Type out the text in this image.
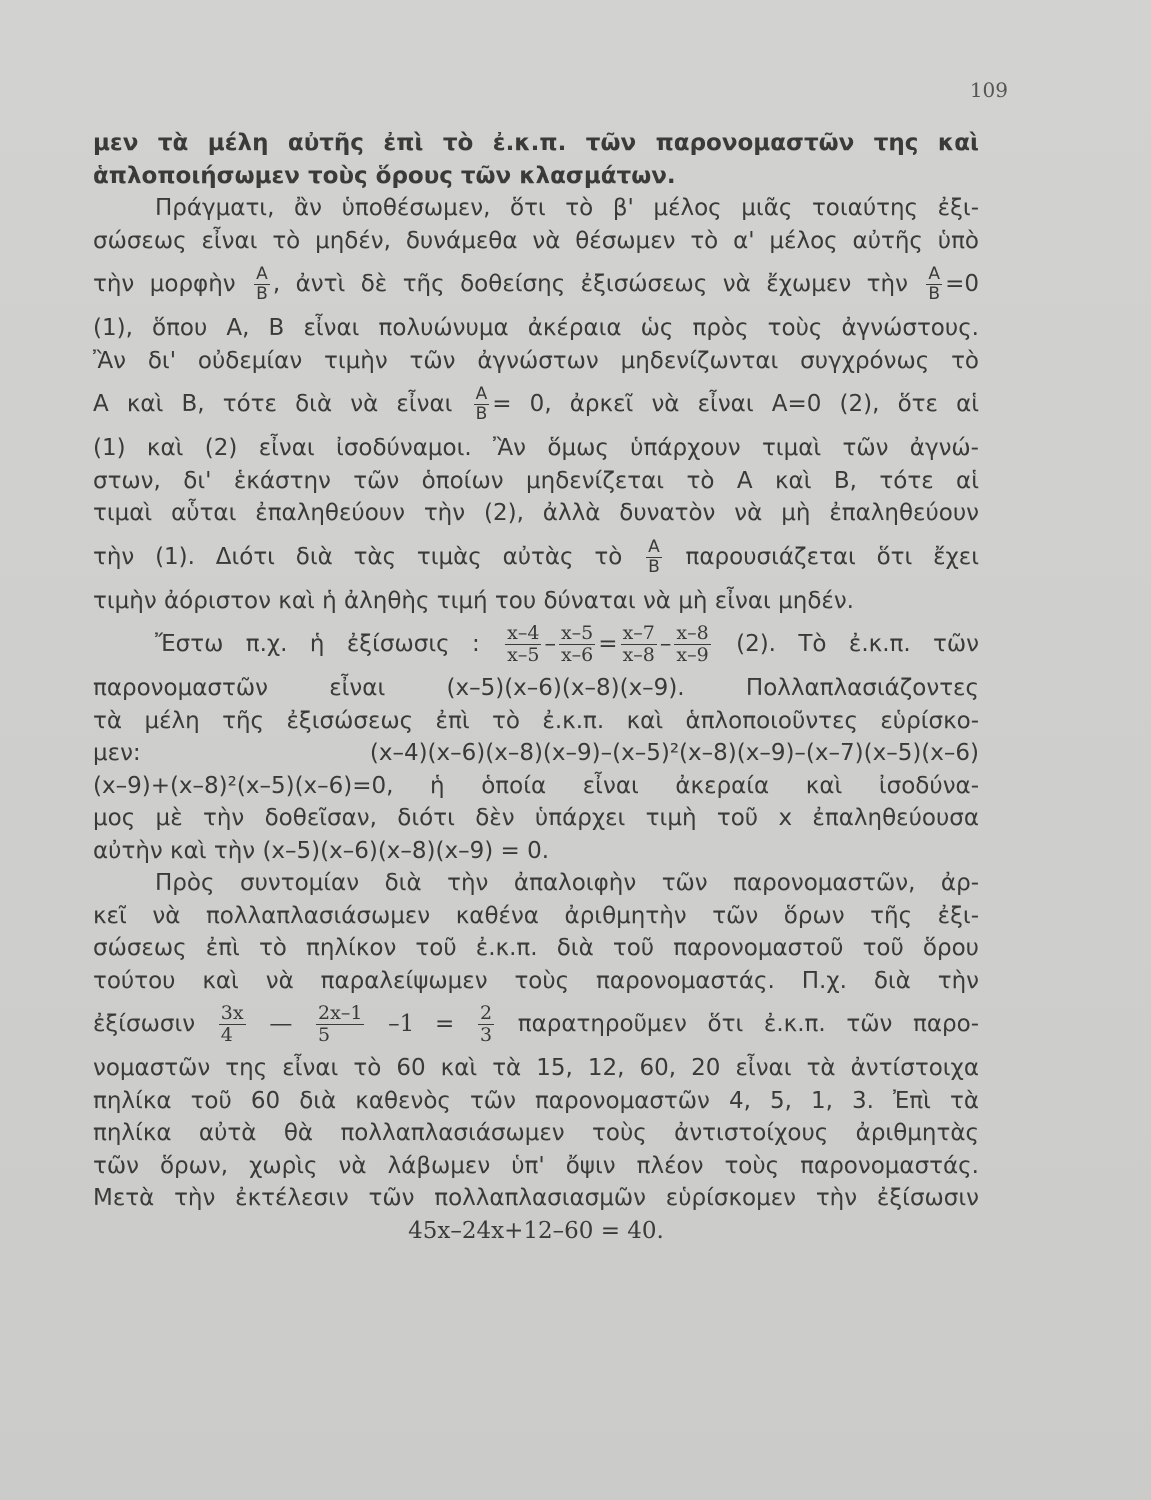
109
μεν τὰ μέλη αὐτῆς ἐπὶ τὸ ἐ.κ.π. τῶν παρονομαστῶν της καὶ
ἁπλοποιήσωμεν τοὺς ὅρους τῶν κλασμάτων.
Πράγματι, ἂν ὑποθέσωμεν, ὅτι τὸ β' μέλος μιᾶς τοιαύτης ἐξι-
σώσεως εἶναι τὸ μηδέν, δυνάμεθα νὰ θέσωμεν τὸ α' μέλος αὐτῆς ὑπὸ
τὴν μορφὴν $\frac{A}{B}$ , ἀντὶ δὲ τῆς δοθείσης ἐξισώσεως νὰ ἔχωμεν τὴν $\frac{A}{B} =0$
(1), ὅπου Α, Β εἶναι πολυώνυμα ἀκέραια ὡς πρὸς τοὺς ἀγνώστους.
Ἂν δι' οὐδεμίαν τιμὴν τῶν ἀγνώστων μηδενίζωνται συγχρόνως τὸ
Α καὶ Β, τότε διὰ νὰ εἶναι $\frac{A}{B} = 0$, ἀρκεῖ νὰ εἶναι Α=0 (2), ὅτε αἱ
(1) καὶ (2) εἶναι ἰσοδύναμοι. Ἂν ὅμως ὑπάρχουν τιμαὶ τῶν ἀγνώ-
στων, δι' ἑκάστην τῶν ὁποίων μηδενίζεται τὸ Α καὶ Β, τότε αἱ
τιμαὶ αὗται ἐπαληθεύουν τὴν (2), ἀλλὰ δυνατὸν νὰ μὴ ἐπαληθεύουν
τὴν (1). Διότι διὰ τὰς τιμὰς αὐτὰς τὸ $\frac{A}{B}$ παρουσιάζεται ὅτι ἔχει
τιμὴν ἀόριστον καὶ ἡ ἀληθὴς τιμή του δύναται νὰ μὴ εἶναι μηδέν.
Ἔστω π.χ. ἡ ἐξίσωσις : $\frac{x-4}{x-5} - \frac{x-5}{x-6} = \frac{x-7}{x-8} - \frac{x-8}{x-9} (2)$. Τὸ ἐ.κ.π. τῶν
παρονομαστῶν εἶναι (x–5)(x–6)(x–8)(x–9). Πολλαπλασιάζοντες
τὰ μέλη τῆς ἐξισώσεως ἐπὶ τὸ ἐ.κ.π. καὶ ἁπλοποιοῦντες εὑρίσκο-
μεν: (x–4)(x–6)(x–8)(x–9)–(x–5)²(x–8)(x–9)–(x–7)(x–5)(x–6)
(x–9)+(x–8)²(x–5)(x–6)=0, ἡ ὁποία εἶναι ἀκεραία καὶ ἰσοδύνα-
μος μὲ τὴν δοθεῖσαν, διότι δὲν ὑπάρχει τιμὴ τοῦ x ἐπαληθεύουσα
αὐτὴν καὶ τὴν (x–5)(x–6)(x–8)(x–9) = 0.
Πρὸς συντομίαν διὰ τὴν ἀπαλοιφὴν τῶν παρονομαστῶν, ἀρ-
κεῖ νὰ πολλαπλασιάσωμεν καθένα ἀριθμητὴν τῶν ὅρων τῆς ἐξι-
σώσεως ἐπὶ τὸ πηλίκον τοῦ ἐ.κ.π. διὰ τοῦ παρονομαστοῦ τοῦ ὅρου
τούτου καὶ νὰ παραλείψωμεν τοὺς παρονομαστάς. Π.χ. διὰ τὴν
ἐξίσωσιν $\frac{3x}{4}$ — $\frac{2x-1}{5} -1 = \frac{2}{3}$ παρατηροῦμεν ὅτι ἐ.κ.π. τῶν παρο-
νομαστῶν της εἶναι τὸ 60 καὶ τὰ 15, 12, 60, 20 εἶναι τὰ ἀντίστοιχα
πηλίκα τοῦ 60 διὰ καθενὸς τῶν παρονομαστῶν 4, 5, 1, 3. Ἐπὶ τὰ
πηλίκα αὐτὰ θὰ πολλαπλασιάσωμεν τοὺς ἀντιστοίχους ἀριθμητὰς
τῶν ὅρων, χωρὶς νὰ λάβωμεν ὑπ' ὄψιν πλέον τοὺς παρονομαστάς.
Μετὰ τὴν ἐκτέλεσιν τῶν πολλαπλασιασμῶν εὑρίσκομεν τὴν ἐξίσωσιν
45x–24x+12–60 = 40.
